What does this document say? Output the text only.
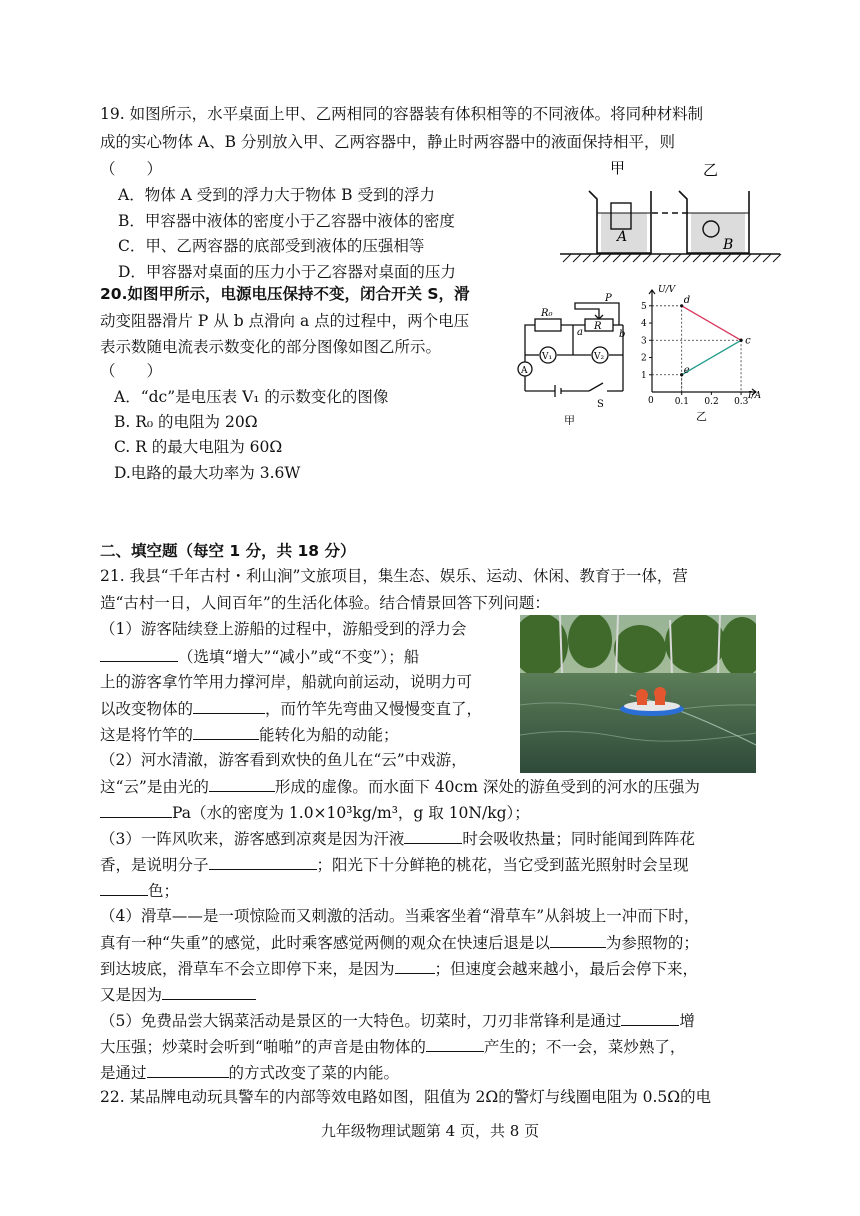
19. 如图所示，水平桌面上甲、乙两相同的容器装有体积相等的不同液体。将同种材料制
成的实心物体 A、B 分别放入甲、乙两容器中，静止时两容器中的液面保持相平，则
（　　）
A．物体 A 受到的浮力大于物体 B 受到的浮力
B．甲容器中液体的密度小于乙容器中液体的密度
C．甲、乙两容器的底部受到液体的压强相等
D．甲容器对桌面的压力小于乙容器对桌面的压力
甲	乙
A	B
20.如图甲所示，电源电压保持不变，闭合开关 S，滑
动变阻器滑片 P 从 b 点滑向 a 点的过程中，两个电压
表示数随电流表示数变化的部分图像如图乙所示。
（　　）
A．“dc”是电压表 V₁ 的示数变化的图像
B. R₀ 的电阻为 20Ω
C. R 的最大电阻为 60Ω
D.电路的最大功率为 3.6W
R₀
P
R
a	b
V₁	V₂
A
S
甲
U/V
I/A
0
1
2
3
4
5
0.1 0.2 0.3
d
e
c
乙
二、填空题（每空 1 分，共 18 分）
21. 我县“千年古村・利山涧”文旅项目，集生态、娱乐、运动、休闲、教育于一体，营
造“古村一日，人间百年”的生活化体验。结合情景回答下列问题：
（1）游客陆续登上游船的过程中，游船受到的浮力会
（选填“增大”“减小”或“不变”）；船
上的游客拿竹竿用力撑河岸，船就向前运动，说明力可
以改变物体的	，而竹竿先弯曲又慢慢变直了，
这是将竹竿的	能转化为船的动能；
（2）河水清澈，游客看到欢快的鱼儿在“云”中戏游，
这“云”是由光的	形成的虚像。而水面下 40cm 深处的游鱼受到的河水的压强为
Pa（水的密度为 1.0×10³kg/m³，g 取 10N/kg）；
（3）一阵风吹来，游客感到凉爽是因为汗液	时会吸收热量；同时能闻到阵阵花
香，是说明分子	；阳光下十分鲜艳的桃花，当它受到蓝光照射时会呈现
色；
（4）滑草——是一项惊险而又刺激的活动。当乘客坐着“滑草车”从斜坡上一冲而下时，
真有一种“失重”的感觉，此时乘客感觉两侧的观众在快速后退是以	为参照物的；
到达坡底，滑草车不会立即停下来，是因为	；但速度会越来越小，最后会停下来，
又是因为
（5）免费品尝大锅菜活动是景区的一大特色。切菜时，刀刃非常锋利是通过	增
大压强；炒菜时会听到“啪啪”的声音是由物体的	产生的；不一会，菜炒熟了，
是通过	的方式改变了菜的内能。
22. 某品牌电动玩具警车的内部等效电路如图，阻值为 2Ω的警灯与线圈电阻为 0.5Ω的电
九年级物理试题第 4 页，共 8 页
